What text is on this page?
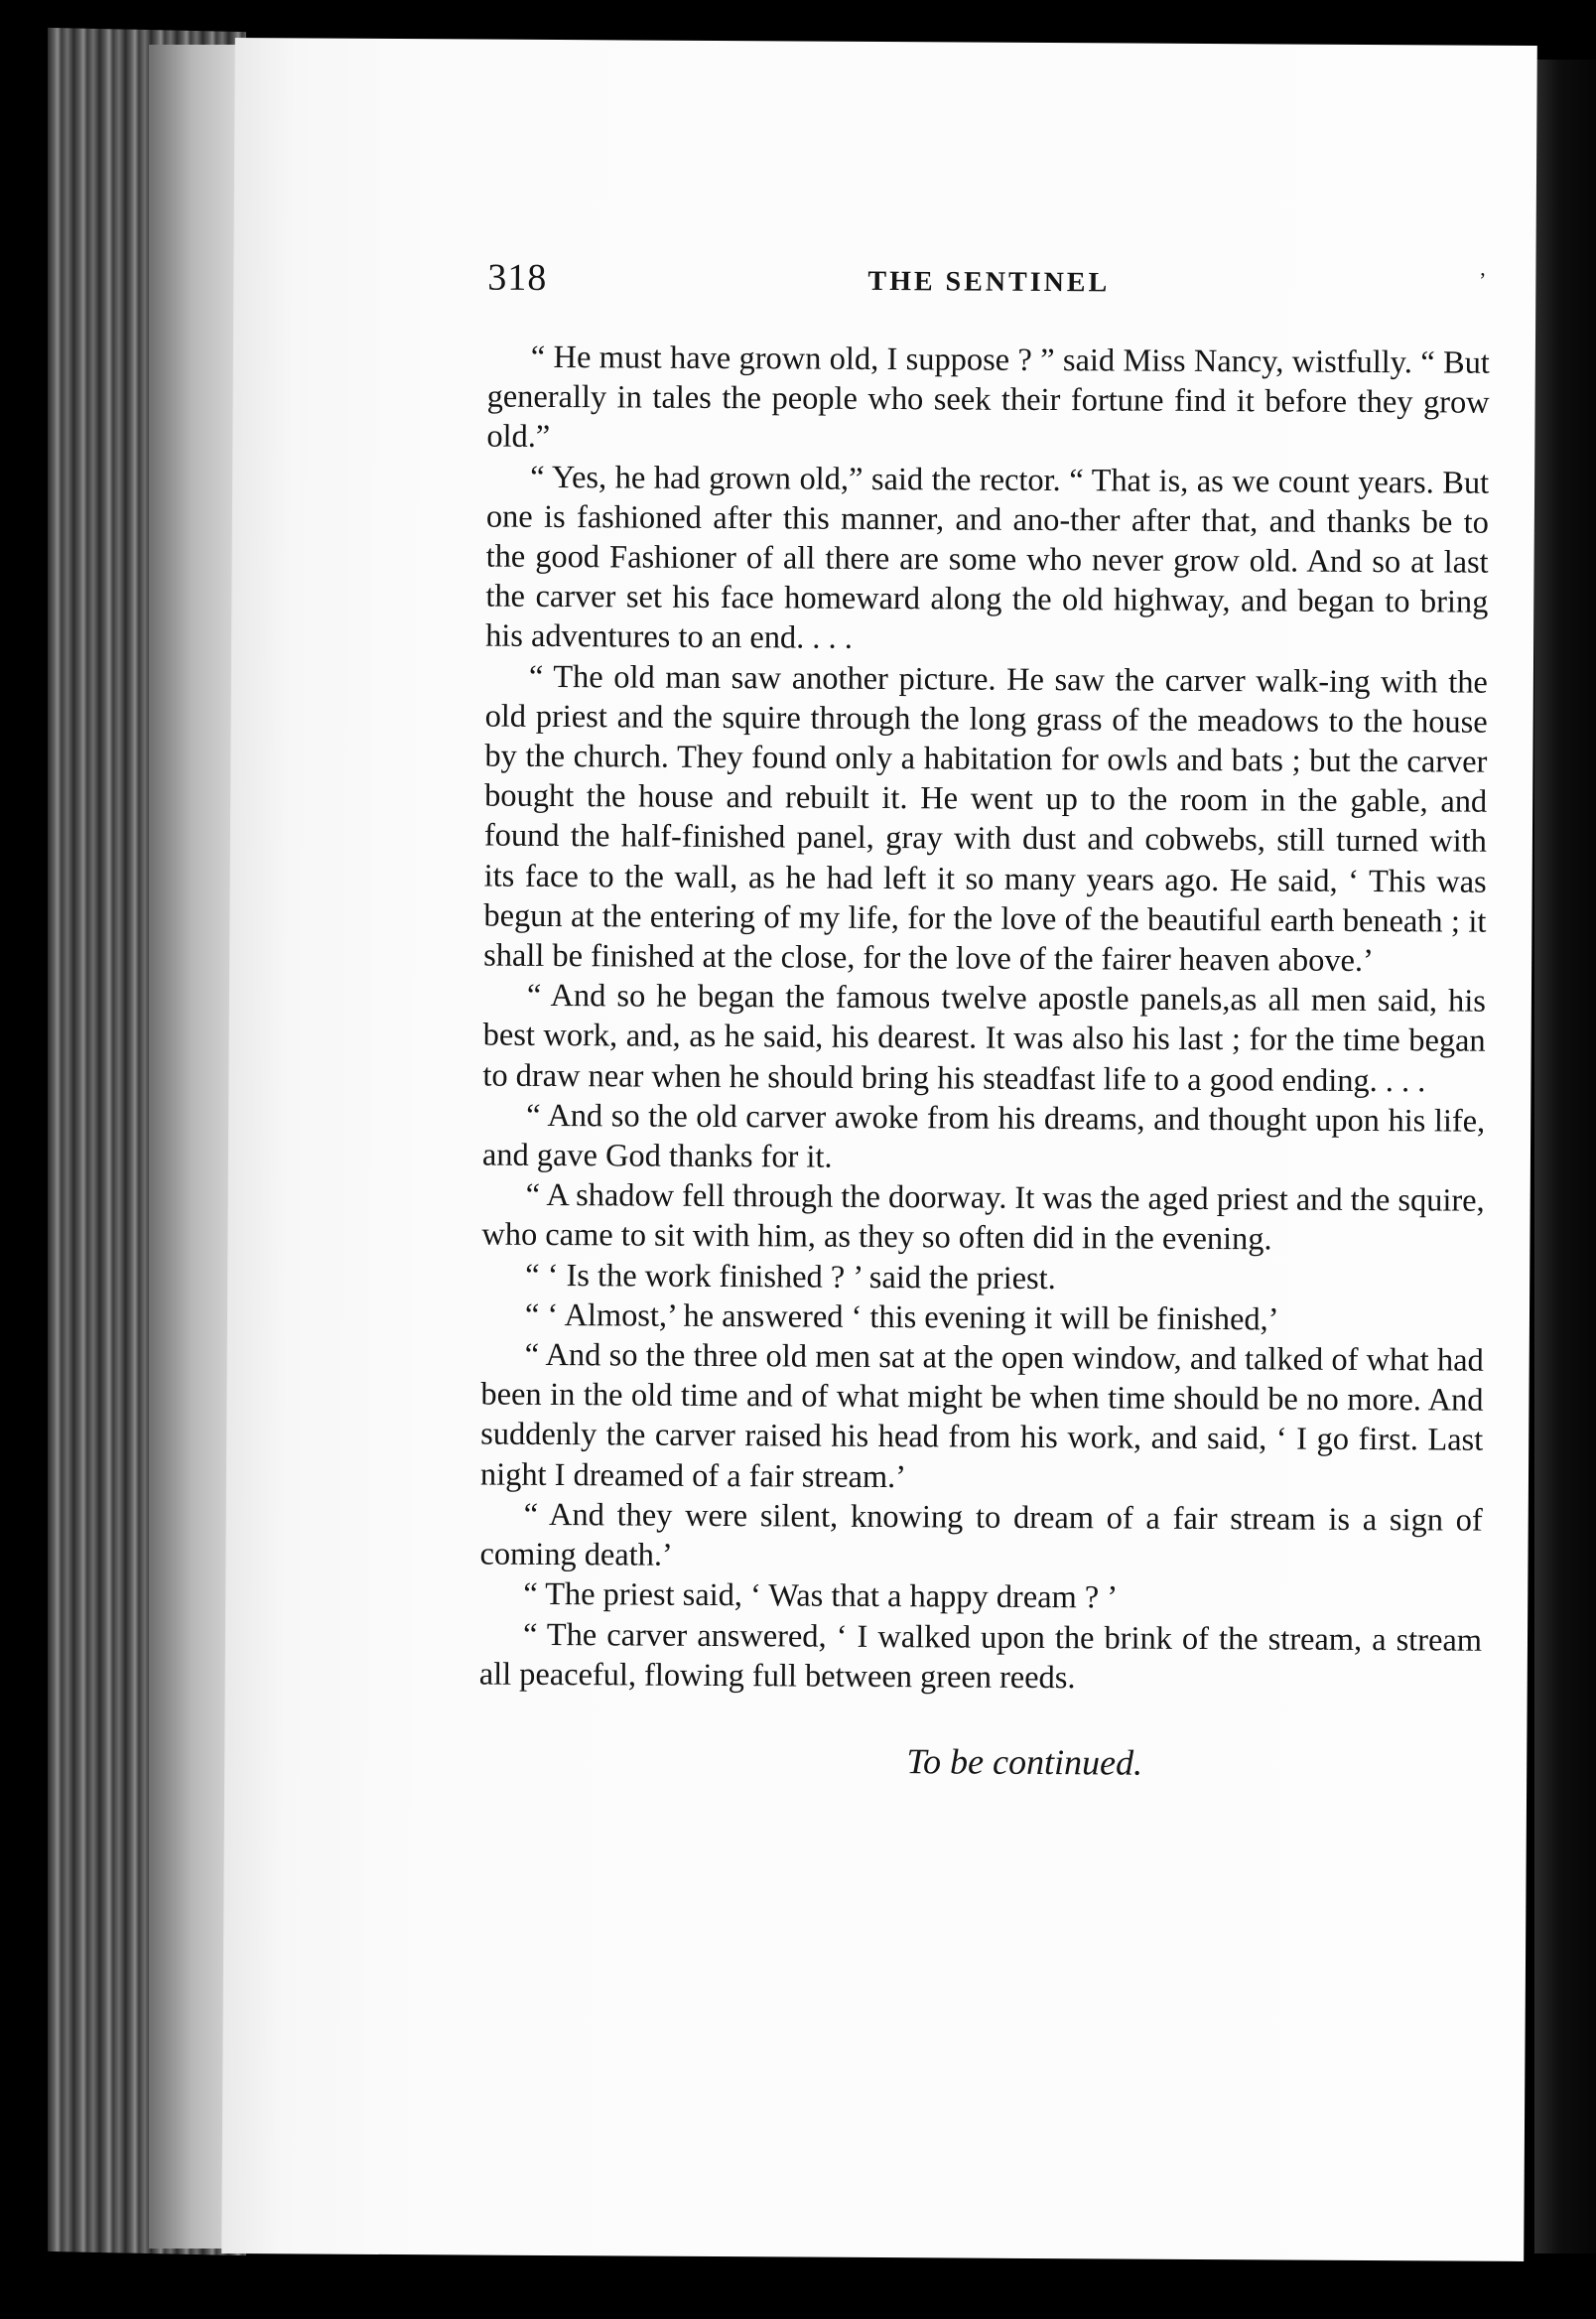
318	THE SENTINEL	’

“ He must have grown old, I suppose ? ” said Miss Nancy, wistfully. “ But generally in tales the people who seek their fortune find it before they grow old.”

“ Yes, he had grown old,” said the rector. “ That is, as we count years. But one is fashioned after this manner, and ano-ther after that, and thanks be to the good Fashioner of all there are some who never grow old. And so at last the carver set his face homeward along the old highway, and began to bring his adventures to an end. . . .

“ The old man saw another picture. He saw the carver walk-ing with the old priest and the squire through the long grass of the meadows to the house by the church. They found only a habitation for owls and bats ; but the carver bought the house and rebuilt it. He went up to the room in the gable, and found the half-finished panel, gray with dust and cobwebs, still turned with its face to the wall, as he had left it so many years ago. He said, ‘ This was begun at the entering of my life, for the love of the beautiful earth beneath ; it shall be finished at the close, for the love of the fairer heaven above.’

“ And so he began the famous twelve apostle panels,as all men said, his best work, and, as he said, his dearest. It was also his last ; for the time began to draw near when he should bring his steadfast life to a good ending. . . .

“ And so the old carver awoke from his dreams, and thought upon his life, and gave God thanks for it.

“ A shadow fell through the doorway. It was the aged priest and the squire, who came to sit with him, as they so often did in the evening.

“ ‘ Is the work finished ? ’ said the priest.

“ ‘ Almost,’ he answered ‘ this evening it will be finished,’

“ And so the three old men sat at the open window, and talked of what had been in the old time and of what might be when time should be no more. And suddenly the carver raised his head from his work, and said, ‘ I go first. Last night I dreamed of a fair stream.’

“ And they were silent, knowing to dream of a fair stream is a sign of coming death.’

“ The priest said, ‘ Was that a happy dream ? ’

“ The carver answered, ‘ I walked upon the brink of the stream, a stream all peaceful, flowing full between green reeds.

To be continued.
